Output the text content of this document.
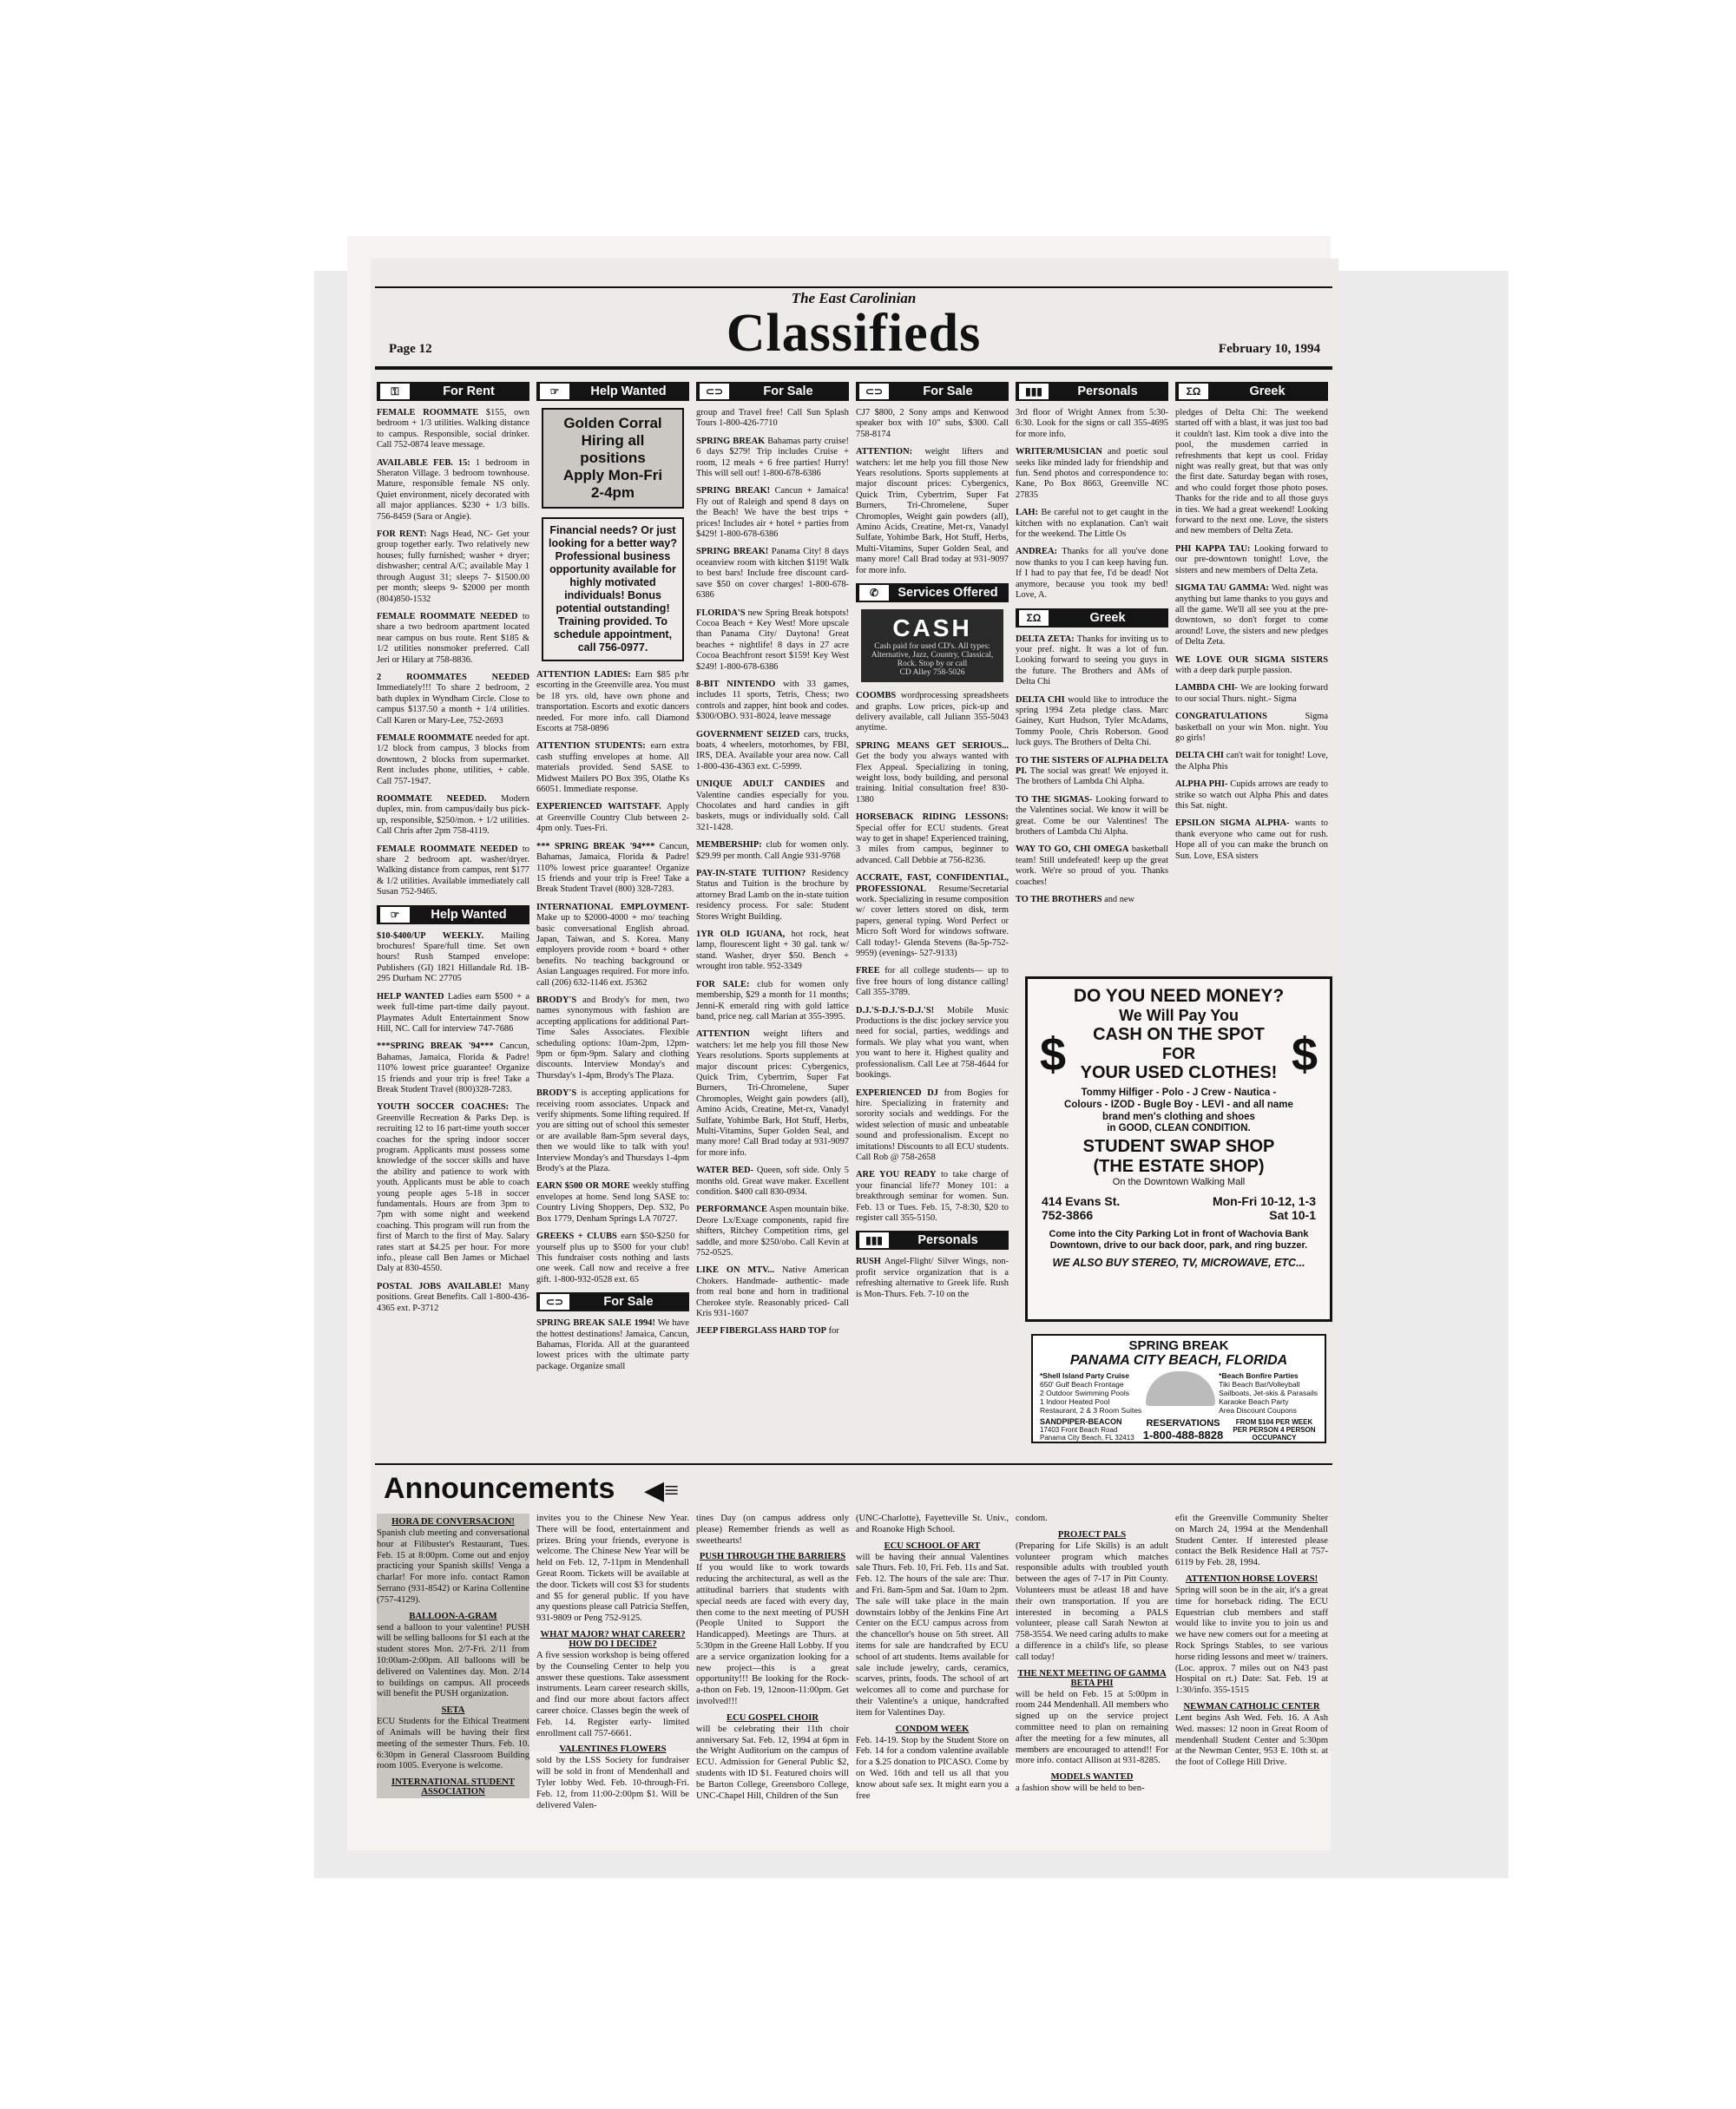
The East Carolinian
Classifieds
Page 12	February 10, 1994
⚿	For Rent

FEMALE ROOMMATE $155, own bedroom + 1/3 utilities. Walking distance to campus. Responsible, social drinker. Call 752-0874 leave message.

AVAILABLE FEB. 15: 1 bedroom in Sheraton Village. 3 bedroom townhouse. Mature, responsible female NS only. Quiet environment, nicely decorated with all major appliances. $230 + 1/3 bills. 756-8459 (Sara or Angie).

FOR RENT: Nags Head, NC- Get your group together early. Two relatively new houses; fully furnished; washer + dryer; dishwasher; central A/C; available May 1 through August 31; sleeps 7- $1500.00 per month; sleeps 9- $2000 per month (804)850-1532

FEMALE ROOMMATE NEEDED to share a two bedroom apartment located near campus on bus route. Rent $185 & 1/2 utilities nonsmoker preferred. Call Jeri or Hilary at 758-8836.

2 ROOMMATES NEEDED Immediately!!! To share 2 bedroom, 2 bath duplex in Wyndham Circle. Close to campus $137.50 a month + 1/4 utilities. Call Karen or Mary-Lee, 752-2693

FEMALE ROOMMATE needed for apt. 1/2 block from campus, 3 blocks from downtown, 2 blocks from supermarket. Rent includes phone, utilities, + cable. Call 757-1947.

ROOMMATE NEEDED. Modern duplex, min. from campus/daily bus pick-up, responsible, $250/mon. + 1/2 utilities. Call Chris after 2pm 758-4119.

FEMALE ROOMMATE NEEDED to share 2 bedroom apt. washer/dryer. Walking distance from campus, rent $177 & 1/2 utilities. Available immediately call Susan 752-9465.

☞	Help Wanted

$10-$400/UP WEEKLY. Mailing brochures! Spare/full time. Set own hours! Rush Stamped envelope: Publishers (GI) 1821 Hillandale Rd. 1B-295 Durham NC 27705

HELP WANTED Ladies earn $500 + a week full-time part-time daily payout. Playmates Adult Entertainment Snow Hill, NC. Call for interview 747-7686

***SPRING BREAK '94*** Cancun, Bahamas, Jamaica, Florida & Padre! 110% lowest price guarantee! Organize 15 friends and your trip is free! Take a Break Student Travel (800)328-7283.

YOUTH SOCCER COACHES: The Greenville Recreation & Parks Dep. is recruiting 12 to 16 part-time youth soccer coaches for the spring indoor soccer program. Applicants must possess some knowledge of the soccer skills and have the ability and patience to work with youth. Applicants must be able to coach young people ages 5-18 in soccer fundamentals. Hours are from 3pm to 7pm with some night and weekend coaching. This program will run from the first of March to the first of May. Salary rates start at $4.25 per hour. For more info., please call Ben James or Michael Daly at 830-4550.

POSTAL JOBS AVAILABLE! Many positions. Great Benefits. Call 1-800-436-4365 ext. P-3712

☞	Help Wanted
Golden Corral
Hiring all positions
Apply Mon-Fri
2-4pm
Financial needs? Or just looking for a better way? Professional business opportunity available for highly motivated individuals! Bonus potential outstanding! Training provided. To schedule appointment, call 756-0977.

ATTENTION LADIES: Earn $85 p/hr escorting in the Greenville area. You must be 18 yrs. old, have own phone and transportation. Escorts and exotic dancers needed. For more info. call Diamond Escorts at 758-0896

ATTENTION STUDENTS: earn extra cash stuffing envelopes at home. All materials provided. Send SASE to Midwest Mailers PO Box 395, Olathe Ks 66051. Immediate response.

EXPERIENCED WAITSTAFF. Apply at Greenville Country Club between 2-4pm only. Tues-Fri.

*** SPRING BREAK '94*** Cancun, Bahamas, Jamaica, Florida & Padre! 110% lowest price guarantee! Organize 15 friends and your trip is Free! Take a Break Student Travel (800) 328-7283.

INTERNATIONAL EMPLOYMENT- Make up to $2000-4000 + mo/ teaching basic conversational English abroad. Japan, Taiwan, and S. Korea. Many employers provide room + board + other benefits. No teaching background or Asian Languages required. For more info. call (206) 632-1146 ext. J5362

BRODY'S and Brody's for men, two names synonymous with fashion are accepting applications for additional Part-Time Sales Associates. Flexible scheduling options: 10am-2pm, 12pm-9pm or 6pm-9pm. Salary and clothing discounts. Interview Monday's and Thursday's 1-4pm, Brody's The Plaza.

BRODY'S is accepting applications for receiving room associates. Unpack and verify shipments. Some lifting required. If you are sitting out of school this semester or are available 8am-5pm several days, then we would like to talk with you! Interview Monday's and Thursdays 1-4pm Brody's at the Plaza.

EARN $500 OR MORE weekly stuffing envelopes at home. Send long SASE to: Country Living Shoppers, Dep. S32, Po Box 1779, Denham Springs LA 70727.

GREEKS + CLUBS earn $50-$250 for yourself plus up to $500 for your club! This fundraiser costs nothing and lasts one week. Call now and receive a free gift. 1-800-932-0528 ext. 65

⊂⊃	For Sale

SPRING BREAK SALE 1994! We have the hottest destinations! Jamaica, Cancun, Bahamas, Florida. All at the guaranteed lowest prices with the ultimate party package. Organize small

⊂⊃	For Sale

group and Travel free! Call Sun Splash Tours 1-800-426-7710

SPRING BREAK Bahamas party cruise! 6 days $279! Trip includes Cruise + room, 12 meals + 6 free parties! Hurry! This will sell out! 1-800-678-6386

SPRING BREAK! Cancun + Jamaica! Fly out of Raleigh and spend 8 days on the Beach! We have the best trips + prices! Includes air + hotel + parties from $429! 1-800-678-6386

SPRING BREAK! Panama City! 8 days oceanview room with kitchen $119! Walk to best bars! Include free discount card- save $50 on cover charges! 1-800-678-6386

FLORIDA'S new Spring Break hotspots! Cocoa Beach + Key West! More upscale than Panama City/ Daytona! Great beaches + nightlife! 8 days in 27 acre Cocoa Beachfront resort $159! Key West $249! 1-800-678-6386

8-BIT NINTENDO with 33 games, includes 11 sports, Tetris, Chess; two controls and zapper, hint book and codes. $300/OBO. 931-8024, leave message

GOVERNMENT SEIZED cars, trucks, boats, 4 wheelers, motorhomes, by FBI, IRS, DEA. Available your area now. Call 1-800-436-4363 ext. C-5999.

UNIQUE ADULT CANDIES and Valentine candies especially for you. Chocolates and hard candies in gift baskets, mugs or individually sold. Call 321-1428.

MEMBERSHIP: club for women only. $29.99 per month. Call Angie 931-9768

PAY-IN-STATE TUITION? Residency Status and Tuition is the brochure by attorney Brad Lamb on the in-state tuition residency process. For sale: Student Stores Wright Building.

1YR OLD IGUANA, hot rock, heat lamp, flourescent light + 30 gal. tank w/ stand. Washer, dryer $50. Bench + wrought iron table. 952-3349

FOR SALE: club for women only membership, $29 a month for 11 months; Jenni-K emerald ring with gold lattice band, price neg. call Marian at 355-3995.

ATTENTION weight lifters and watchers: let me help you fill those New Years resolutions. Sports supplements at major discount prices: Cybergenics, Quick Trim, Cybertrim, Super Fat Burners, Tri-Chromelene, Super Chromoples, Weight gain powders (all), Amino Acids, Creatine, Met-rx, Vanadyl Sulfate, Yohimbe Bark, Hot Stuff, Herbs, Multi-Vitamins, Super Golden Seal, and many more! Call Brad today at 931-9097 for more info.

WATER BED- Queen, soft side. Only 5 months old. Great wave maker. Excellent condition. $400 call 830-0934.

PERFORMANCE Aspen mountain bike. Deore Lx/Exage components, rapid fire shifters, Ritchey Competition rims, gel saddle, and more $250/obo. Call Kevin at 752-0525.

LIKE ON MTV... Native American Chokers. Handmade- authentic- made from real bone and horn in traditional Cherokee style. Reasonably priced- Call Kris 931-1607

JEEP FIBERGLASS HARD TOP for

⊂⊃	For Sale

CJ7 $800, 2 Sony amps and Kenwood speaker box with 10" subs, $300. Call 758-8174

ATTENTION: weight lifters and watchers: let me help you fill those New Years resolutions. Sports supplements at major discount prices: Cybergenics, Quick Trim, Cybertrim, Super Fat Burners, Tri-Chromelene, Super Chromoples, Weight gain powders (all), Amino Acids, Creatine, Met-rx, Vanadyl Sulfate, Yohimbe Bark, Hot Stuff, Herbs, Multi-Vitamins, Super Golden Seal, and many more! Call Brad today at 931-9097 for more info.

✆	Services Offered
CASH
Cash paid for used CD's. All types: Alternative, Jazz, Country, Classical, Rock. Stop by or call
CD Alley 758-5026

COOMBS wordprocessing spreadsheets and graphs. Low prices, pick-up and delivery available, call Juliann 355-5043 anytime.

SPRING MEANS GET SERIOUS... Get the body you always wanted with Flex Appeal. Specializing in toning, weight loss, body building, and personal training. Initial consultation free! 830-1380

HORSEBACK RIDING LESSONS: Special offer for ECU students. Great way to get in shape! Experienced training, 3 miles from campus, beginner to advanced. Call Debbie at 756-8236.

ACCRATE, FAST, CONFIDENTIAL, PROFESSIONAL Resume/Secretarial work. Specializing in resume composition w/ cover letters stored on disk, term papers, general typing. Word Perfect or Micro Soft Word for windows software. Call today!- Glenda Stevens (8a-5p-752-9959) (evenings- 527-9133)

FREE for all college students— up to five free hours of long distance calling! Call 355-3789.

D.J.'S-D.J.'S-D.J.'S! Mobile Music Productions is the disc jockey service you need for social, parties, weddings and formals. We play what you want, when you want to here it. Highest quality and professionalism. Call Lee at 758-4644 for bookings.

EXPERIENCED DJ from Bogies for hire. Specializing in fraternity and sorority socials and weddings. For the widest selection of music and unbeatable sound and professionalism. Except no imitations! Discounts to all ECU students. Call Rob @ 758-2658

ARE YOU READY to take charge of your financial life?? Money 101: a breakthrough seminar for women. Sun. Feb. 13 or Tues. Feb. 15, 7-8:30, $20 to register call 355-5150.

▮▮▮	Personals

RUSH Angel-Flight/ Silver Wings, non-profit service organization that is a refreshing alternative to Greek life. Rush is Mon-Thurs. Feb. 7-10 on the

▮▮▮	Personals

3rd floor of Wright Annex from 5:30-6:30. Look for the signs or call 355-4695 for more info.

WRITER/MUSICIAN and poetic soul seeks like minded lady for friendship and fun. Send photos and correspondence to: Kane, Po Box 8663, Greenville NC 27835

LAH: Be careful not to get caught in the kitchen with no explanation. Can't wait for the weekend. The Little Os

ANDREA: Thanks for all you've done now thanks to you I can keep having fun. If I had to pay that fee, I'd be dead! Not anymore, because you took my bed! Love, A.

ΣΩ	Greek

DELTA ZETA: Thanks for inviting us to your pref. night. It was a lot of fun. Looking forward to seeing you guys in the future. The Brothers and AMs of Delta Chi

DELTA CHI would like to introduce the spring 1994 Zeta pledge class. Marc Gainey, Kurt Hudson, Tyler McAdams, Tommy Poole, Chris Roberson. Good luck guys. The Brothers of Delta Chi.

TO THE SISTERS OF ALPHA DELTA PI. The social was great! We enjoyed it. The brothers of Lambda Chi Alpha.

TO THE SIGMAS- Looking forward to the Valentines social. We know it will be great. Come be our Valentines! The brothers of Lambda Chi Alpha.

WAY TO GO, CHI OMEGA basketball team! Still undefeated! keep up the great work. We're so proud of you. Thanks coaches!

TO THE BROTHERS and new

ΣΩ	Greek

pledges of Delta Chi: The weekend started off with a blast, it was just too bad it couldn't last. Kim took a dive into the pool, the musdemen carried in refreshments that kept us cool. Friday night was really great, but that was only the first date. Saturday began with roses, and who could forget those photo poses. Thanks for the ride and to all those guys in ties. We had a great weekend! Looking forward to the next one. Love, the sisters and new members of Delta Zeta.

PHI KAPPA TAU: Looking forward to our pre-downtown tonight! Love, the sisters and new members of Delta Zeta.

SIGMA TAU GAMMA: Wed. night was anything but lame thanks to you guys and all the game. We'll all see you at the pre-downtown, so don't forget to come around! Love, the sisters and new pledges of Delta Zeta.

WE LOVE OUR SIGMA SISTERS with a deep dark purple passion.

LAMBDA CHI- We are looking forward to our social Thurs. night.- Sigma

CONGRATULATIONS Sigma basketball on your win Mon. night. You go girls!

DELTA CHI can't wait for tonight! Love, the Alpha Phis

ALPHA PHI- Cupids arrows are ready to strike so watch out Alpha Phis and dates this Sat. night.

EPSILON SIGMA ALPHA- wants to thank everyone who came out for rush. Hope all of you can make the brunch on Sun. Love, ESA sisters

$	$
DO YOU NEED MONEY?
We Will Pay You
CASH ON THE SPOT
FOR
YOUR USED CLOTHES!
Tommy Hilfiger - Polo - J Crew - Nautica - Colours - IZOD - Bugle Boy - LEVI - and all name brand men's clothing and shoes
in GOOD, CLEAN CONDITION.
STUDENT SWAP SHOP
(THE ESTATE SHOP)
On the Downtown Walking Mall
414 Evans St.
752-3866
Mon-Fri 10-12, 1-3
Sat 10-1
Come into the City Parking Lot in front of Wachovia Bank Downtown, drive to our back door, park, and ring buzzer.
WE ALSO BUY STEREO, TV, MICROWAVE, ETC...
SPRING BREAK
PANAMA CITY BEACH, FLORIDA
*Shell Island Party Cruise
650' Gulf Beach Frontage
2 Outdoor Swimming Pools
1 Indoor Heated Pool
Restaurant, 2 & 3 Room Suites
*Beach Bonfire Parties
Tiki Beach Bar/Volleyball
Sailboats, Jet-skis & Parasails
Karaoke Beach Party
Area Discount Coupons
SANDPIPER-BEACON
17403 Front Beach Road Panama City Beach, FL 32413
RESERVATIONS
1-800-488-8828
FROM $104 PER WEEK PER PERSON 4 PERSON OCCUPANCY
Announcements ◀≡
HORA DE CONVERSACION!

Spanish club meeting and conversational hour at Filibuster's Restaurant, Tues. Feb. 15 at 8:00pm. Come out and enjoy practicing your Spanish skills! Venga a charlar! For more info. contact Ramon Serrano (931-8542) or Karina Collentine (757-4129).

BALLOON-A-GRAM

send a balloon to your valentine! PUSH will be selling balloons for $1 each at the student stores Mon. 2/7-Fri. 2/11 from 10:00am-2:00pm. All balloons will be delivered on Valentines day. Mon. 2/14 to buildings on campus. All proceeds will benefit the PUSH organization.

SETA

ECU Students for the Ethical Treatment of Animals will be having their first meeting of the semester Thurs. Feb. 10. 6:30pm in General Classroom Building room 1005. Everyone is welcome.

INTERNATIONAL STUDENT ASSOCIATION

invites you to the Chinese New Year. There will be food, entertainment and prizes. Bring your friends, everyone is welcome. The Chinese New Year will be held on Feb. 12, 7-11pm in Mendenhall Great Room. Tickets will be available at the door. Tickets will cost $3 for students and $5 for general public. If you have any questions please call Patricia Steffen, 931-9809 or Peng 752-9125.

WHAT MAJOR? WHAT CAREER? HOW DO I DECIDE?

A five session workshop is being offered by the Counseling Center to help you answer these questions. Take assessment instruments. Learn career research skills, and find our more about factors affect career choice. Classes begin the week of Feb. 14. Register early- limited enrollment call 757-6661.

VALENTINES FLOWERS

sold by the LSS Society for fundraiser will be sold in front of Mendenhall and Tyler lobby Wed. Feb. 10-through-Fri. Feb. 12, from 11:00-2:00pm $1. Will be delivered Valen-

tines Day (on campus address only please) Remember friends as well as sweethearts!

PUSH THROUGH THE BARRIERS

If you would like to work towards reducing the architectural, as well as the attitudinal barriers that students with special needs are faced with every day, then come to the next meeting of PUSH (People United to Support the Handicapped). Meetings are Thurs. at 5:30pm in the Greene Hall Lobby. If you are a service organization looking for a new project—this is a great opportunity!!! Be looking for the Rock-a-thon on Feb. 19, 12noon-11:00pm. Get involved!!!

ECU GOSPEL CHOIR

will be celebrating their 11th choir anniversary Sat. Feb. 12, 1994 at 6pm in the Wright Auditorium on the campus of ECU. Admission for General Public $2, students with ID $1. Featured choirs will be Barton College, Greensboro College, UNC-Chapel Hill, Children of the Sun

(UNC-Charlotte), Fayetteville St. Univ., and Roanoke High School.

ECU SCHOOL OF ART

will be having their annual Valentines sale Thurs. Feb. 10, Fri. Feb. 11s and Sat. Feb. 12. The hours of the sale are: Thur. and Fri. 8am-5pm and Sat. 10am to 2pm. The sale will take place in the main downstairs lobby of the Jenkins Fine Art Center on the ECU campus across from the chancellor's house on 5th street. All items for sale are handcrafted by ECU school of art students. Items available for sale include jewelry, cards, ceramics, scarves, prints, foods. The school of art welcomes all to come and purchase for their Valentine's a unique, handcrafted item for Valentines Day.

CONDOM WEEK

Feb. 14-19. Stop by the Student Store on Feb. 14 for a condom valentine available for a $.25 donation to PICASO. Come by on Wed. 16th and tell us all that you know about safe sex. It might earn you a free

condom.

PROJECT PALS

(Preparing for Life Skills) is an adult volunteer program which matches responsible adults with troubled youth between the ages of 7-17 in Pitt County. Volunteers must be atleast 18 and have their own transportation. If you are interested in becoming a PALS volunteer, please call Sarah Newton at 758-3554. We need caring adults to make a difference in a child's life, so please call today!

THE NEXT MEETING OF GAMMA BETA PHI

will be held on Feb. 15 at 5:00pm in room 244 Mendenhall. All members who signed up on the service project committee need to plan on remaining after the meeting for a few minutes, all members are encouraged to attend!! For more info. contact Allison at 931-8285.

MODELS WANTED

a fashion show will be held to ben-

efit the Greenville Community Shelter on March 24, 1994 at the Mendenhall Student Center. If interested please contact the Belk Residence Hall at 757-6119 by Feb. 28, 1994.

ATTENTION HORSE LOVERS!

Spring will soon be in the air, it's a great time for horseback riding. The ECU Equestrian club members and staff would like to invite you to join us and we have new comers out for a meeting at Rock Springs Stables, to see various horse riding lessons and meet w/ trainers. (Loc. approx. 7 miles out on N43 past Hospital on rt.) Date: Sat. Feb. 19 at 1:30/info. 355-1515

NEWMAN CATHOLIC CENTER

Lent begins Ash Wed. Feb. 16. A Ash Wed. masses: 12 noon in Great Room of mendenhall Student Center and 5:30pm at the Newman Center, 953 E. 10th st. at the foot of College Hill Drive.
